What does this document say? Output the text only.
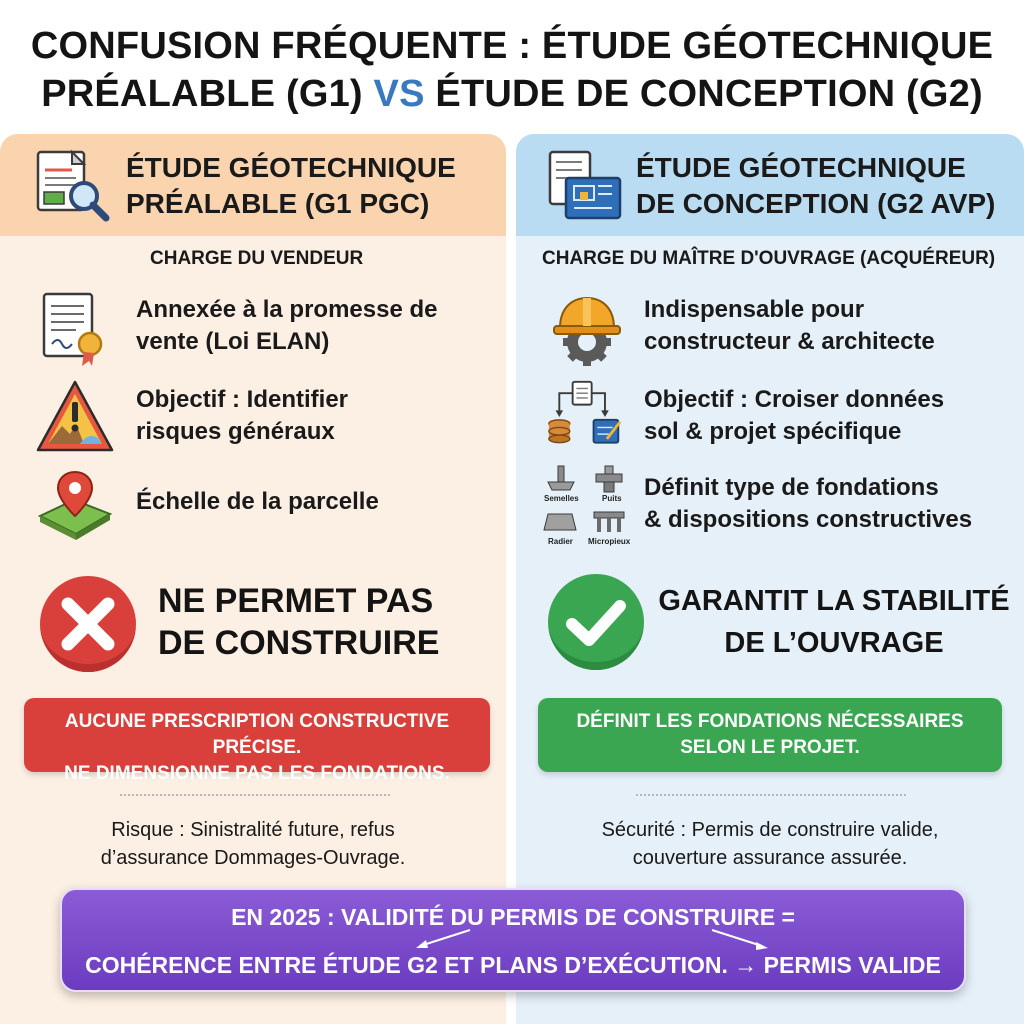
CONFUSION FRÉQUENTE : ÉTUDE GÉOTECHNIQUE
PRÉALABLE (G1) VS ÉTUDE DE CONCEPTION (G2)
ÉTUDE GÉOTECHNIQUE
PRÉALABLE (G1 PGC)
CHARGE DU VENDEUR
Annexée à la promesse de
vente (Loi ELAN)
Objectif : Identifier
risques généraux
Échelle de la parcelle
NE PERMET PAS
DE CONSTRUIRE
AUCUNE PRESCRIPTION CONSTRUCTIVE PRÉCISE.
NE DIMENSIONNE PAS LES FONDATIONS.
Risque : Sinistralité future, refus
d’assurance Dommages-Ouvrage.
ÉTUDE GÉOTECHNIQUE
DE CONCEPTION (G2 AVP)
CHARGE DU MAÎTRE D'OUVRAGE (ACQUÉREUR)
Indispensable pour
constructeur & architecte
Objectif : Croiser données
sol & projet spécifique
Semelles	Puits
Radier Micropieux
Définit type de fondations
& dispositions constructives
GARANTIT LA STABILITÉ
DE L’OUVRAGE
DÉFINIT LES FONDATIONS NÉCESSAIRES
SELON LE PROJET.
Sécurité : Permis de construire valide,
couverture assurance assurée.
EN 2025 : VALIDITÉ DU PERMIS DE CONSTRUIRE =
COHÉRENCE ENTRE ÉTUDE G2 ET PLANS D’EXÉCUTION. → PERMIS VALIDE
